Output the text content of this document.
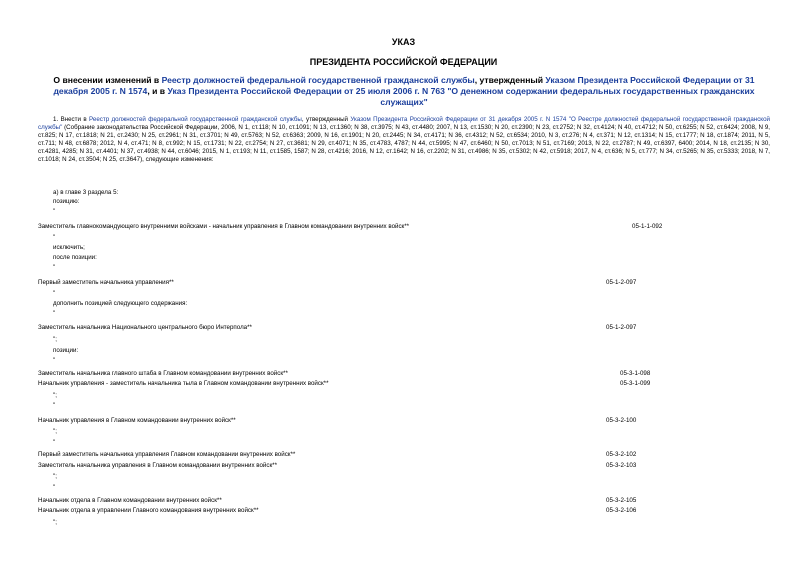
УКАЗ
ПРЕЗИДЕНТА РОССИЙСКОЙ ФЕДЕРАЦИИ
О внесении изменений в Реестр должностей федеральной государственной гражданской службы, утвержденный Указом Президента Российской Федерации от 31 декабря 2005 г. N 1574, и в Указ Президента Российской Федерации от 25 июля 2006 г. N 763 "О денежном содержании федеральных государственных гражданских служащих"
1. Внести в Реестр должностей федеральной государственной гражданской службы, утвержденный Указом Президента Российской Федерации от 31 декабря 2005 г. N 1574 "О Реестре должностей федеральной государственной гражданской службы" (Собрание законодательства Российской Федерации, 2006, N 1, ст.118; N 10, ст.1091; N 13, ст.1360; N 38, ст.3975; N 43, ст.4480; 2007, N 13, ст.1530; N 20, ст.2390; N 23, ст.2752; N 32, ст.4124; N 40, ст.4712; N 50, ст.6255; N 52, ст.6424; 2008, N 9, ст.825; N 17, ст.1818; N 21, ст.2430; N 25, ст.2961; N 31, ст.3701; N 49, ст.5763; N 52, ст.6363; 2009, N 16, ст.1901; N 20, ст.2445; N 34, ст.4171; N 36, ст.4312; N 52, ст.6534; 2010, N 3, ст.276; N 4, ст.371; N 12, ст.1314; N 15, ст.1777; N 18, ст.1874; 2011, N 5, ст.711; N 48, ст.6878; 2012, N 4, ст.471; N 8, ст.992; N 15, ст.1731; N 22, ст.2754; N 27, ст.3681; N 29, ст.4071; N 35, ст.4783, 4787; N 44, ст.5995; N 47, ст.6460; N 50, ст.7013; N 51, ст.7169; 2013, N 22, ст.2787; N 49, ст.6397, 6400; 2014, N 18, ст.2135; N 30, ст.4281, 4285; N 31, ст.4401; N 37, ст.4938; N 44, ст.6046; 2015, N 1, ст.193; N 11, ст.1585, 1587; N 28, ст.4216; 2016, N 12, ст.1642; N 16, ст.2202; N 31, ст.4986; N 35, ст.5302; N 42, ст.5918; 2017, N 4, ст.636; N 5, ст.777; N 34, ст.5265; N 35, ст.5333; 2018, N 7, ст.1018; N 24, ст.3504; N 25, ст.3647), следующие изменения:
а) в главе 3 раздела 5:
позицию:
"
Заместитель главнокомандующего внутренними войсками - начальник управления в Главном командовании внутренних войск**	05-1-1-092
"
исключить;
после позиции:
"
Первый заместитель начальника управления**	05-1-2-097
"
дополнить позицией следующего содержания:
"
Заместитель начальника Национального центрального бюро Интерпола**	05-1-2-097
";
позиции:
"
Заместитель начальника главного штаба в Главном командовании внутренних войск**	05-3-1-098
Начальник управления - заместитель начальника тыла в Главном командовании внутренних войск**	05-3-1-099
";
"
Начальник управления в Главном командовании внутренних войск**	05-3-2-100
";
"
Первый заместитель начальника управления Главном командовании внутренних войск**	05-3-2-102
Заместитель начальника управления в Главном командовании внутренних войск**	05-3-2-103
";
"
Начальник отдела в Главном командовании внутренних войск**	05-3-2-105
Начальник отдела в управлении Главного командования внутренних войск**	05-3-2-106
";
